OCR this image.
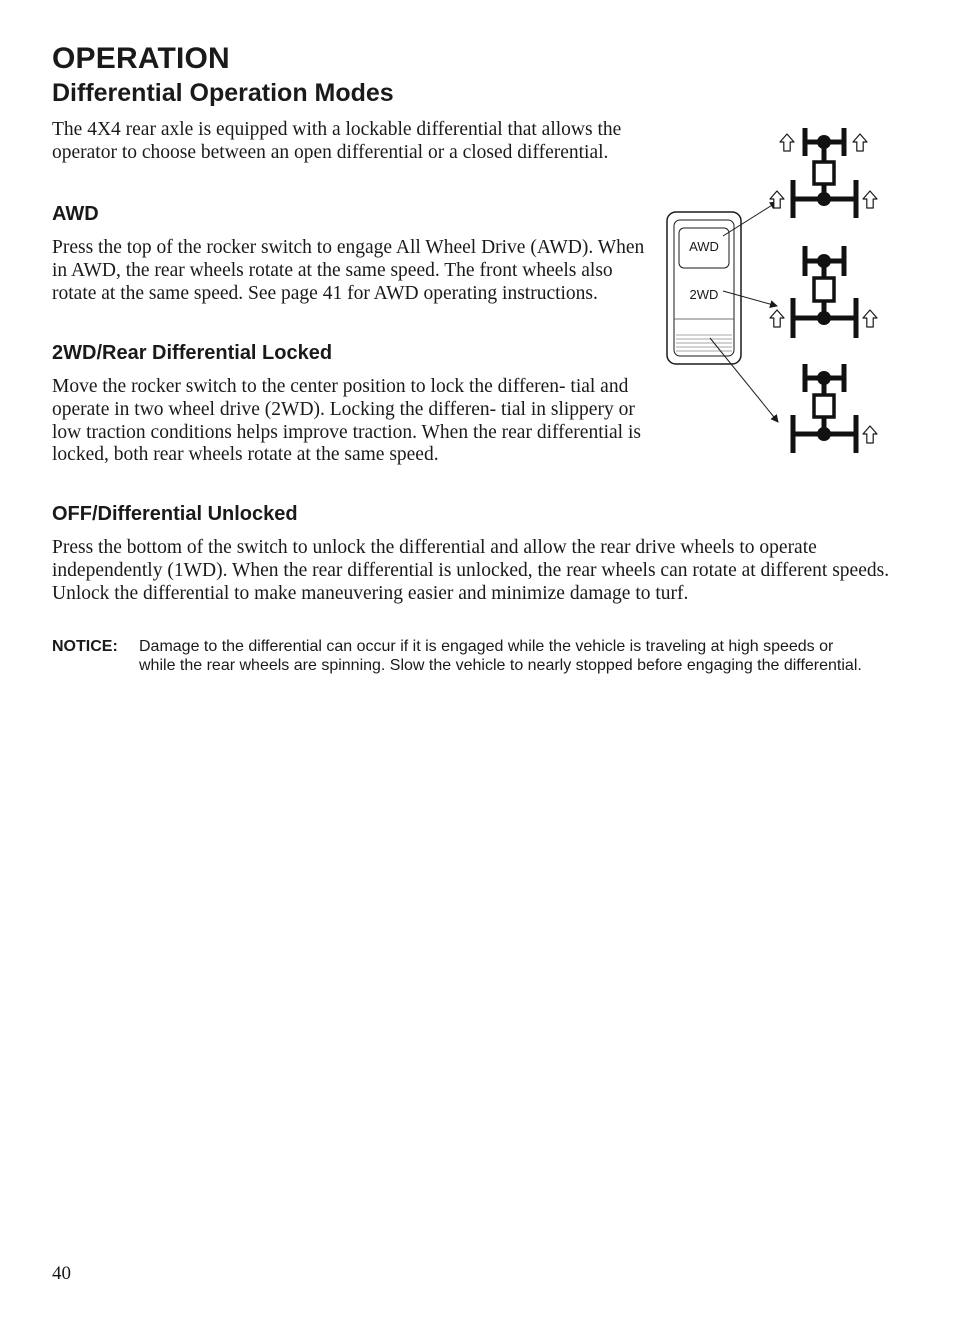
OPERATION
Differential Operation Modes

The 4X4 rear axle is equipped with a lockable differential that allows the operator to choose between an open differential or a closed differential.

AWD

Press the top of the rocker switch to engage All Wheel Drive (AWD). When in AWD, the rear wheels rotate at the same speed. The front wheels also rotate at the same speed. See page 41 for AWD operating instructions.

2WD/Rear Differential Locked

Move the rocker switch to the center position to lock the differen- tial and operate in two wheel drive (2WD). Locking the differen- tial in slippery or low traction conditions helps improve traction. When the rear differential is locked, both rear wheels rotate at the same speed.

OFF/Differential Unlocked

Press the bottom of the switch to unlock the differential and allow the rear drive wheels to operate independently (1WD). When the rear differential is unlocked, the rear wheels can rotate at different speeds. Unlock the differential to make maneuvering easier and minimize damage to turf.

NOTICE: Damage to the differential can occur if it is engaged while the vehicle is traveling at high speeds or while the rear wheels are spinning. Slow the vehicle to nearly stopped before engaging the differential.
AWD
2WD
40
